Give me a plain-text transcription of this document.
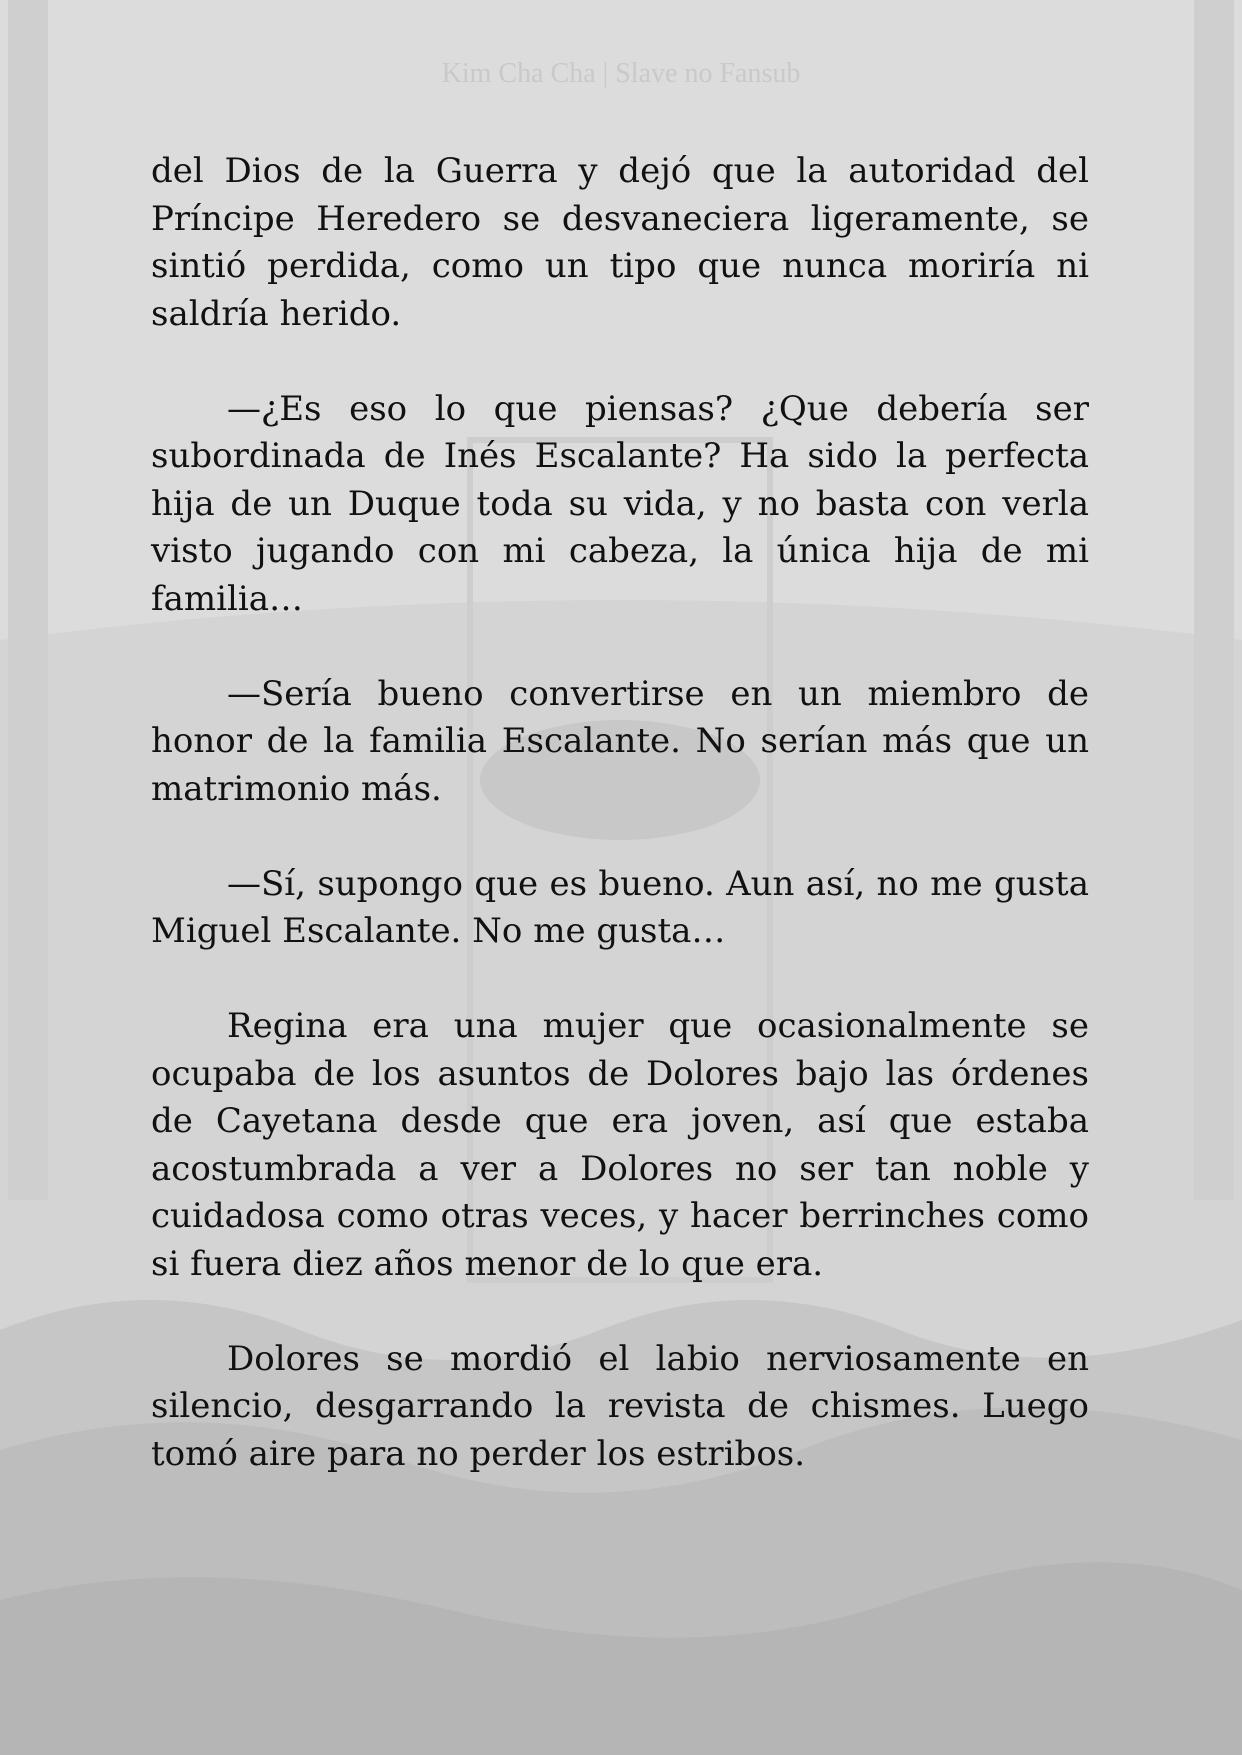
Kim Cha Cha | Slave no Fansub

del Dios de la Guerra y dejó que la autoridad del Príncipe Heredero se desvaneciera ligeramente, se sintió perdida, como un tipo que nunca moriría ni saldría herido.

—¿Es eso lo que piensas? ¿Que debería ser subordinada de Inés Escalante? Ha sido la perfecta hija de un Duque toda su vida, y no basta con verla visto jugando con mi cabeza, la única hija de mi familia…

—Sería bueno convertirse en un miembro de honor de la familia Escalante. No serían más que un matrimonio más.

—Sí, supongo que es bueno. Aun así, no me gusta Miguel Escalante. No me gusta…

Regina era una mujer que ocasionalmente se ocupaba de los asuntos de Dolores bajo las órdenes de Cayetana desde que era joven, así que estaba acostumbrada a ver a Dolores no ser tan noble y cuidadosa como otras veces, y hacer berrinches como si fuera diez años menor de lo que era.

Dolores se mordió el labio nerviosamente en silencio, desgarrando la revista de chismes. Luego tomó aire para no perder los estribos.
